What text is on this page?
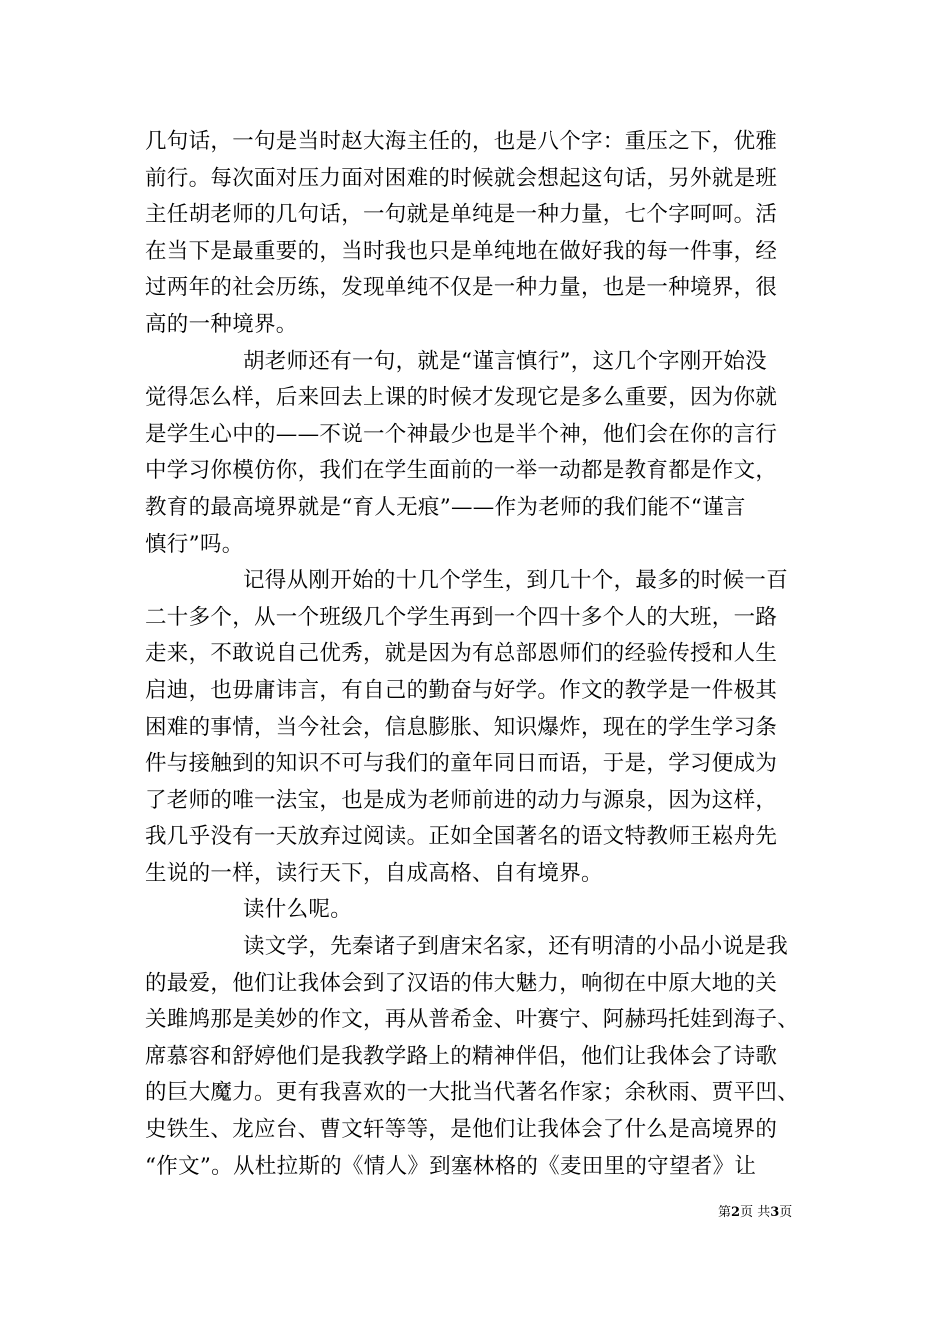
几句话，一句是当时赵大海主任的，也是八个字：重压之下，优雅
前行。每次面对压力面对困难的时候就会想起这句话，另外就是班
主任胡老师的几句话，一句就是单纯是一种力量，七个字呵呵。活
在当下是最重要的，当时我也只是单纯地在做好我的每一件事，经
过两年的社会历练，发现单纯不仅是一种力量，也是一种境界，很
高的一种境界。
胡老师还有一句，就是“谨言慎行”，这几个字刚开始没
觉得怎么样，后来回去上课的时候才发现它是多么重要，因为你就
是学生心中的——不说一个神最少也是半个神，他们会在你的言行
中学习你模仿你，我们在学生面前的一举一动都是教育都是作文，
教育的最高境界就是“育人无痕”——作为老师的我们能不“谨言
慎行”吗。
记得从刚开始的十几个学生，到几十个，最多的时候一百
二十多个，从一个班级几个学生再到一个四十多个人的大班，一路
走来，不敢说自己优秀，就是因为有总部恩师们的经验传授和人生
启迪，也毋庸讳言，有自己的勤奋与好学。作文的教学是一件极其
困难的事情，当今社会，信息膨胀、知识爆炸，现在的学生学习条
件与接触到的知识不可与我们的童年同日而语，于是，学习便成为
了老师的唯一法宝，也是成为老师前进的动力与源泉，因为这样，
我几乎没有一天放弃过阅读。正如全国著名的语文特教师王崧舟先
生说的一样，读行天下，自成高格、自有境界。
读什么呢。
读文学，先秦诸子到唐宋名家，还有明清的小品小说是我
的最爱，他们让我体会到了汉语的伟大魅力，响彻在中原大地的关
关雎鸠那是美妙的作文，再从普希金、叶赛宁、阿赫玛托娃到海子、
席慕容和舒婷他们是我教学路上的精神伴侣，他们让我体会了诗歌
的巨大魔力。更有我喜欢的一大批当代著名作家；余秋雨、贾平凹、
史铁生、龙应台、曹文轩等等，是他们让我体会了什么是高境界的
“作文”。从杜拉斯的《情人》到塞林格的《麦田里的守望者》让
第2页 共3页
